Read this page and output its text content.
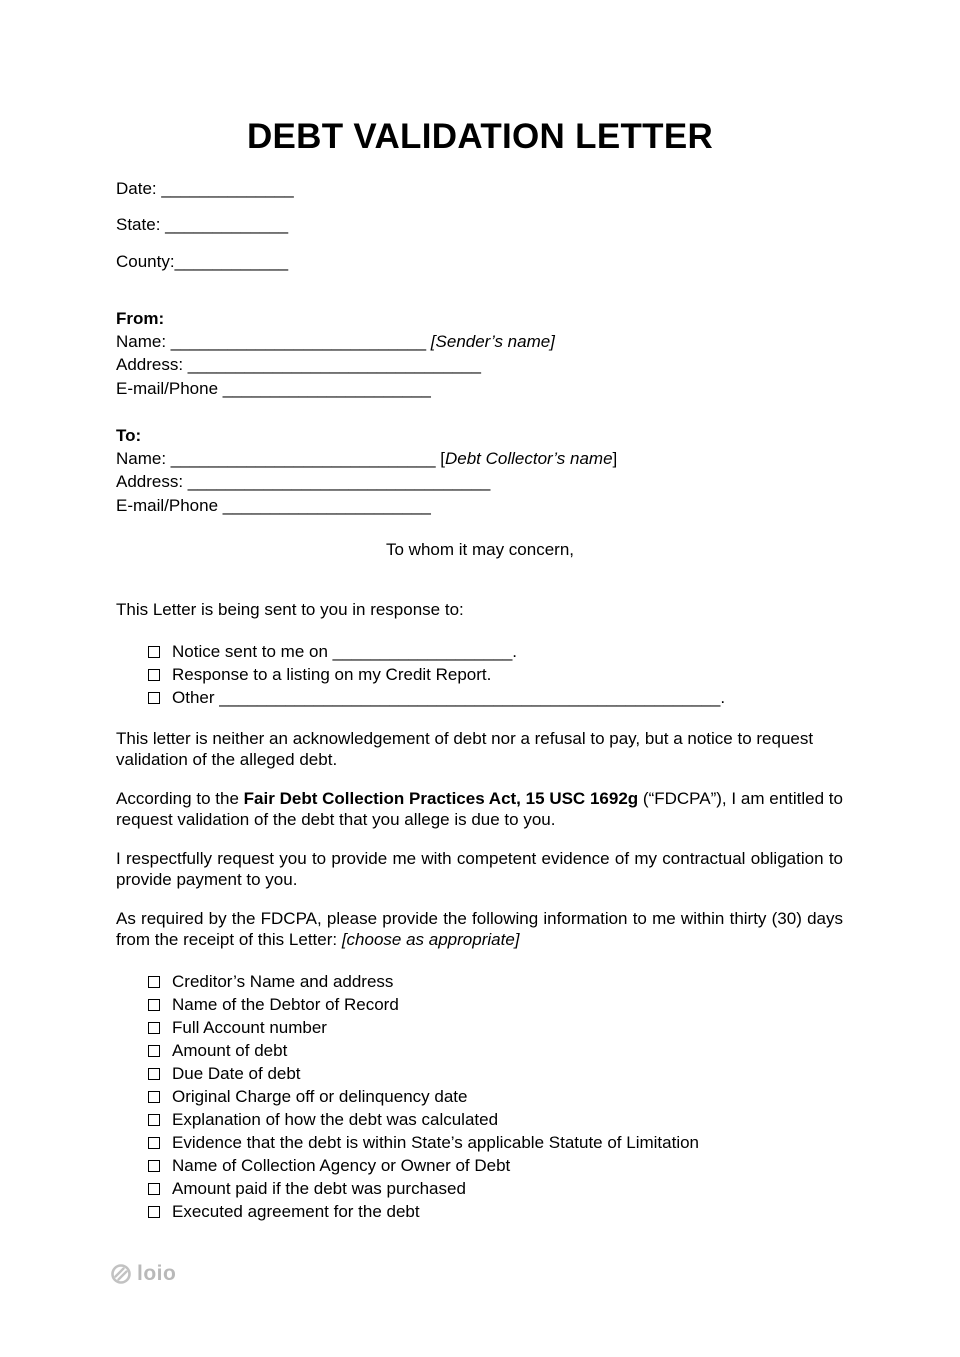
DEBT VALIDATION LETTER
Date: ______________
State: _____________
County:____________
From:
Name: ___________________________ [Sender’s name]
Address: _______________________________
E-mail/Phone ______________________
To:
Name: ____________________________ [Debt Collector’s name]
Address: ________________________________
E-mail/Phone ______________________
To whom it may concern,
This Letter is being sent to you in response to:
Notice sent to me on ___________________.
Response to a listing on my Credit Report.
Other _____________________________________________________.
This letter is neither an acknowledgement of debt nor a refusal to pay, but a notice to request validation of the alleged debt.
According to the Fair Debt Collection Practices Act, 15 USC 1692g (“FDCPA”), I am entitled to request validation of the debt that you allege is due to you.
I respectfully request you to provide me with competent evidence of my contractual obligation to provide payment to you.
As required by the FDCPA, please provide the following information to me within thirty (30) days from the receipt of this Letter: [choose as appropriate]
Creditor’s Name and address
Name of the Debtor of Record
Full Account number
Amount of debt
Due Date of debt
Original Charge off or delinquency date
Explanation of how the debt was calculated
Evidence that the debt is within State’s applicable Statute of Limitation
Name of Collection Agency or Owner of Debt
Amount paid if the debt was purchased
Executed agreement for the debt
loio
